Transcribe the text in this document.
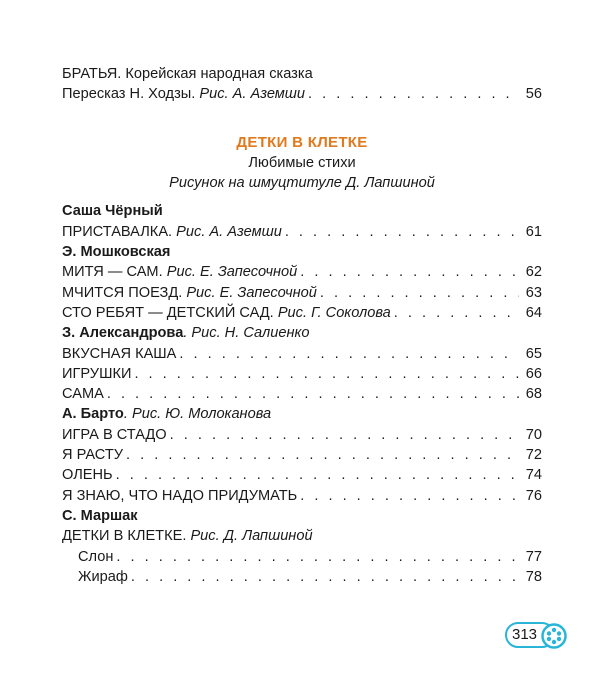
БРАТЬЯ. Корейская народная сказка
Пересказ Н. Ходзы. Рис. А. Аземши . . .	56
ДЕТКИ В КЛЕТКЕ
Любимые стихи
Рисунок на шмуцтитуле Д. Лапшиной
Саша Чёрный
ПРИСТАВАЛКА. Рис. А. Аземши . . .	61
Э. Мошковская
МИТЯ — САМ. Рис. Е. Запесочной . . .	62
МЧИТСЯ ПОЕЗД. Рис. Е. Запесочной . . .	63
СТО РЕБЯТ — ДЕТСКИЙ САД. Рис. Г. Соколова . . .	64
З. Александрова. Рис. Н. Салиенко
ВКУСНАЯ КАША . . .	65
ИГРУШКИ . . .	66
САМА . . .	68
А. Барто. Рис. Ю. Молоканова
ИГРА В СТАДО . . .	70
Я РАСТУ . . .	72
ОЛЕНЬ . . .	74
Я ЗНАЮ, ЧТО НАДО ПРИДУМАТЬ . . .	76
С. Маршак
ДЕТКИ В КЛЕТКЕ. Рис. Д. Лапшиной
Слон . . .	77
Жираф . . .	78
313
